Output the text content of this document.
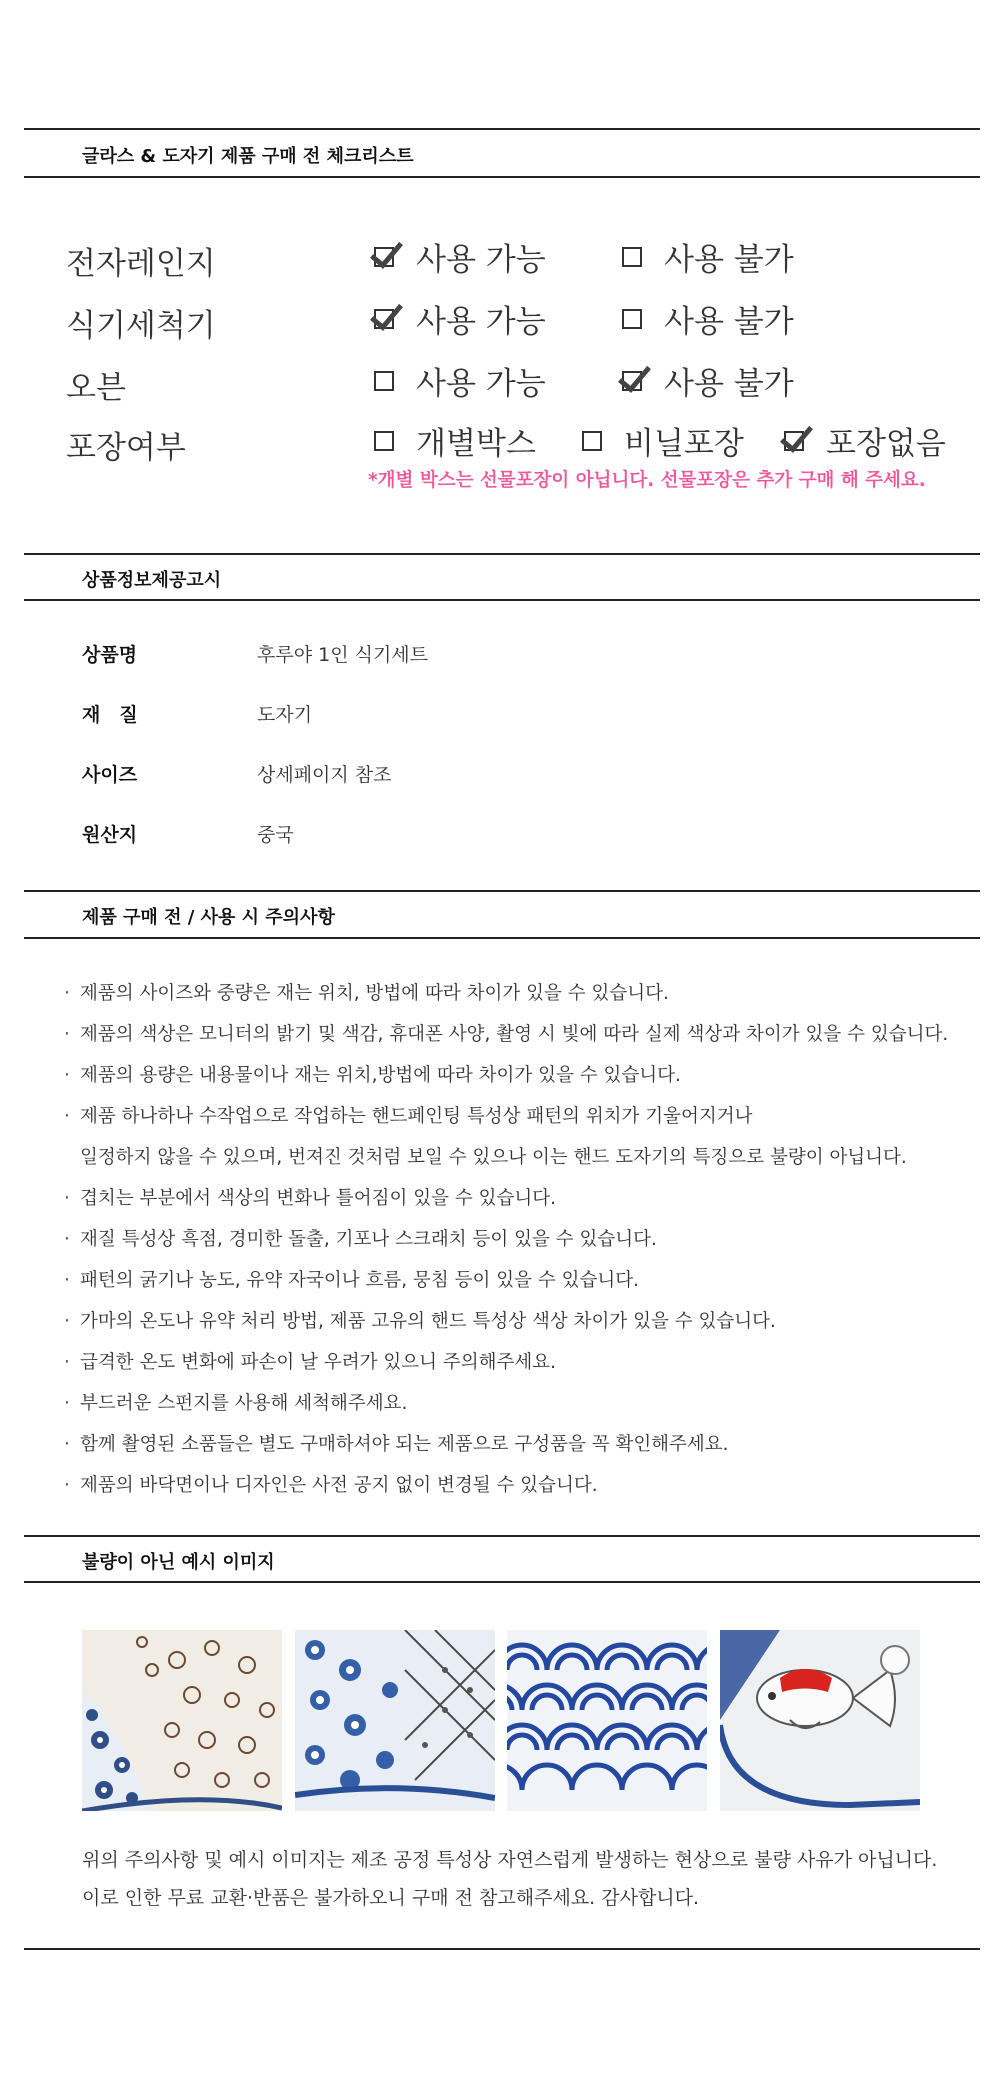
글라스 & 도자기 제품 구매 전 체크리스트
전자레인지	사용 가능	사용 불가
식기세척기	사용 가능	사용 불가
오븐	사용 가능	사용 불가
포장여부	개별박스	비닐포장	포장없음
*개별 박스는 선물포장이 아닙니다. 선물포장은 추가 구매 해 주세요.
상품정보제공고시
상품명	후루야 1인 식기세트
재　질	도자기
사이즈	상세페이지 참조
원산지	중국
제품 구매 전 / 사용 시 주의사항
· 제품의 사이즈와 중량은 재는 위치, 방법에 따라 차이가 있을 수 있습니다.
· 제품의 색상은 모니터의 밝기 및 색감, 휴대폰 사양, 촬영 시 빛에 따라 실제 색상과 차이가 있을 수 있습니다.
· 제품의 용량은 내용물이나 재는 위치,방법에 따라 차이가 있을 수 있습니다.
· 제품 하나하나 수작업으로 작업하는 핸드페인팅 특성상 패턴의 위치가 기울어지거나
일정하지 않을 수 있으며, 번져진 것처럼 보일 수 있으나 이는 핸드 도자기의 특징으로 불량이 아닙니다.
· 겹치는 부분에서 색상의 변화나 틀어짐이 있을 수 있습니다.
· 재질 특성상 흑점, 경미한 돌출, 기포나 스크래치 등이 있을 수 있습니다.
· 패턴의 굵기나 농도, 유약 자국이나 흐름, 뭉침 등이 있을 수 있습니다.
· 가마의 온도나 유약 처리 방법, 제품 고유의 핸드 특성상 색상 차이가 있을 수 있습니다.
· 급격한 온도 변화에 파손이 날 우려가 있으니 주의해주세요.
· 부드러운 스펀지를 사용해 세척해주세요.
· 함께 촬영된 소품들은 별도 구매하셔야 되는 제품으로 구성품을 꼭 확인해주세요.
· 제품의 바닥면이나 디자인은 사전 공지 없이 변경될 수 있습니다.
불량이 아닌 예시 이미지
위의 주의사항 및 예시 이미지는 제조 공정 특성상 자연스럽게 발생하는 현상으로 불량 사유가 아닙니다.
이로 인한 무료 교환·반품은 불가하오니 구매 전 참고해주세요. 감사합니다.
